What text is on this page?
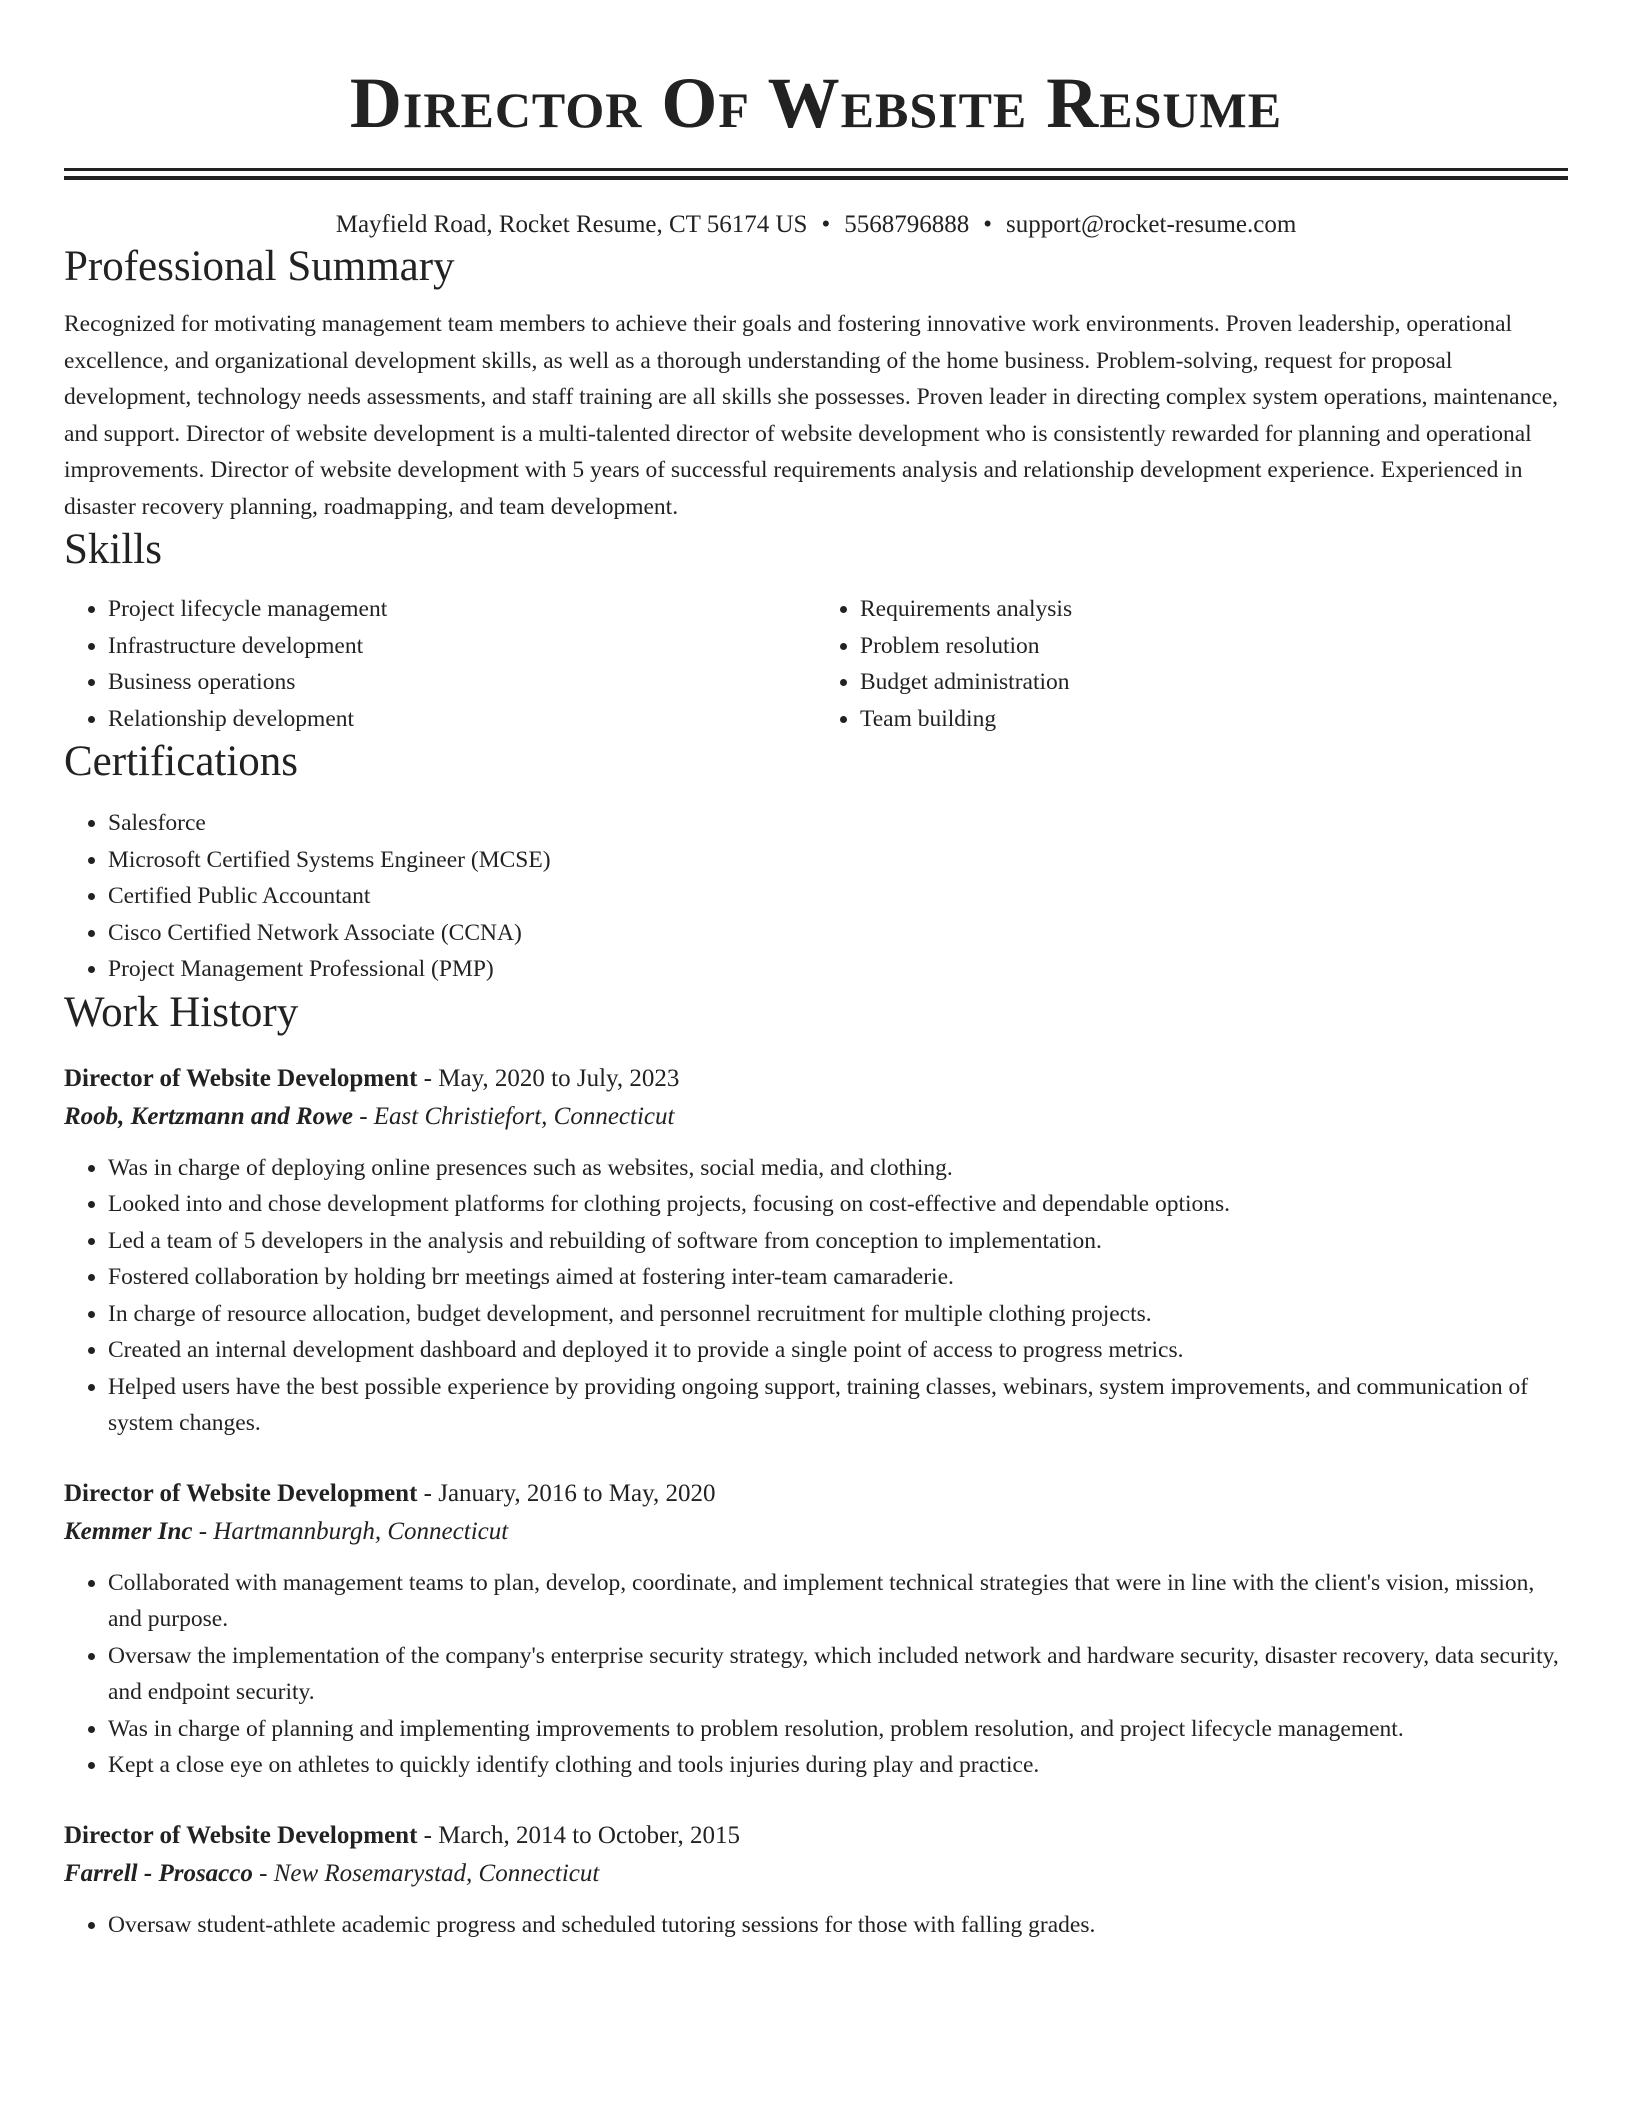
Director Of Website Resume
Mayfield Road, Rocket Resume, CT 56174 US • 5568796888 • support@rocket-resume.com
Professional Summary

Recognized for motivating management team members to achieve their goals and fostering innovative work environments. Proven leadership, operational excellence, and organizational development skills, as well as a thorough understanding of the home business. Problem-solving, request for proposal development, technology needs assessments, and staff training are all skills she possesses. Proven leader in directing complex system operations, maintenance, and support. Director of website development is a multi-talented director of website development who is consistently rewarded for planning and operational improvements. Director of website development with 5 years of successful requirements analysis and relationship development experience. Experienced in disaster recovery planning, roadmapping, and team development.

Skills
• Project lifecycle management
• Infrastructure development
• Business operations
• Relationship development
• Requirements analysis
• Problem resolution
• Budget administration
• Team building
Certifications
• Salesforce
• Microsoft Certified Systems Engineer (MCSE)
• Certified Public Accountant
• Cisco Certified Network Associate (CCNA)
• Project Management Professional (PMP)
Work History
Director of Website Development - May, 2020 to July, 2023
Roob, Kertzmann and Rowe - East Christiefort, Connecticut
• Was in charge of deploying online presences such as websites, social media, and clothing.
• Looked into and chose development platforms for clothing projects, focusing on cost-effective and dependable options.
• Led a team of 5 developers in the analysis and rebuilding of software from conception to implementation.
• Fostered collaboration by holding brr meetings aimed at fostering inter-team camaraderie.
• In charge of resource allocation, budget development, and personnel recruitment for multiple clothing projects.
• Created an internal development dashboard and deployed it to provide a single point of access to progress metrics.
• Helped users have the best possible experience by providing ongoing support, training classes, webinars, system improvements, and communication of system changes.
Director of Website Development - January, 2016 to May, 2020
Kemmer Inc - Hartmannburgh, Connecticut
• Collaborated with management teams to plan, develop, coordinate, and implement technical strategies that were in line with the client's vision, mission, and purpose.
• Oversaw the implementation of the company's enterprise security strategy, which included network and hardware security, disaster recovery, data security, and endpoint security.
• Was in charge of planning and implementing improvements to problem resolution, problem resolution, and project lifecycle management.
• Kept a close eye on athletes to quickly identify clothing and tools injuries during play and practice.
Director of Website Development - March, 2014 to October, 2015
Farrell - Prosacco - New Rosemarystad, Connecticut
• Oversaw student-athlete academic progress and scheduled tutoring sessions for those with falling grades.
